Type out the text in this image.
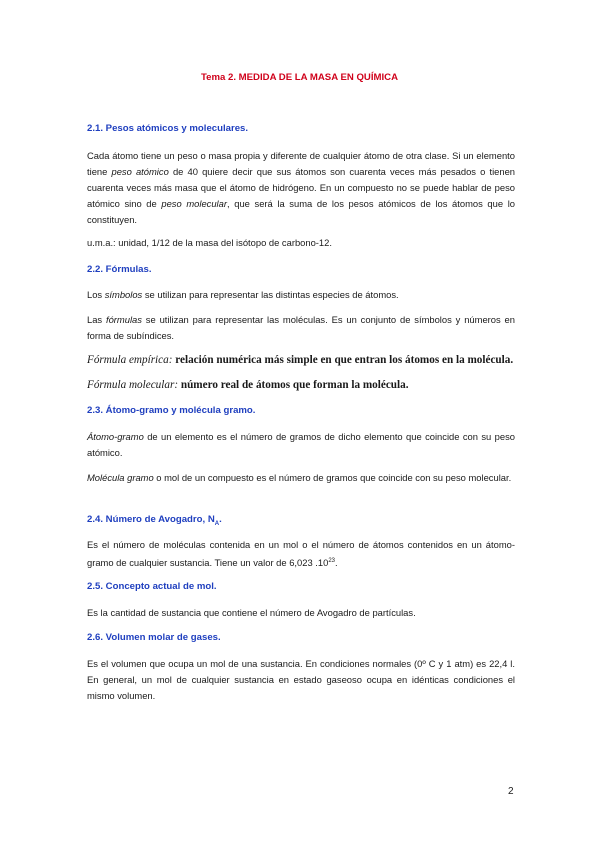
Tema 2. MEDIDA DE LA MASA EN QUÍMICA
2.1. Pesos atómicos y moleculares.
Cada átomo tiene un peso o masa propia y diferente de cualquier átomo de otra clase. Si un elemento tiene peso atómico de 40 quiere decir que sus átomos son cuarenta veces más pesados o tienen cuarenta veces más masa que el átomo de hidrógeno. En un compuesto no se puede hablar de peso atómico sino de peso molecular, que será la suma de los pesos atómicos de los átomos que lo constituyen.
u.m.a.: unidad, 1/12 de la masa del isótopo de carbono-12.
2.2. Fórmulas.
Los símbolos se utilizan para representar las distintas especies de átomos.
Las fórmulas se utilizan para representar las moléculas. Es un conjunto de símbolos y números en forma de subíndices.
Fórmula empírica: relación numérica más simple en que entran los átomos en la molécula.
Fórmula molecular: número real de átomos que forman la molécula.
2.3. Átomo-gramo y molécula gramo.
Átomo-gramo de un elemento es el número de gramos de dicho elemento que coincide con su peso atómico.
Molécula gramo o mol de un compuesto es el número de gramos que coincide con su peso molecular.
2.4. Número de Avogadro, $N_A$.
Es el número de moléculas contenida en un mol o el número de átomos contenidos en un átomo-gramo de cualquier sustancia. Tiene un valor de 6,023 $.10^{23}$.
2.5. Concepto actual de mol.
Es la cantidad de sustancia que contiene el número de Avogadro de partículas.
2.6. Volumen molar de gases.
Es el volumen que ocupa un mol de una sustancia. En condiciones normales (0º C y 1 atm) es 22,4 l. En general, un mol de cualquier sustancia en estado gaseoso ocupa en idénticas condiciones el mismo volumen.
2
